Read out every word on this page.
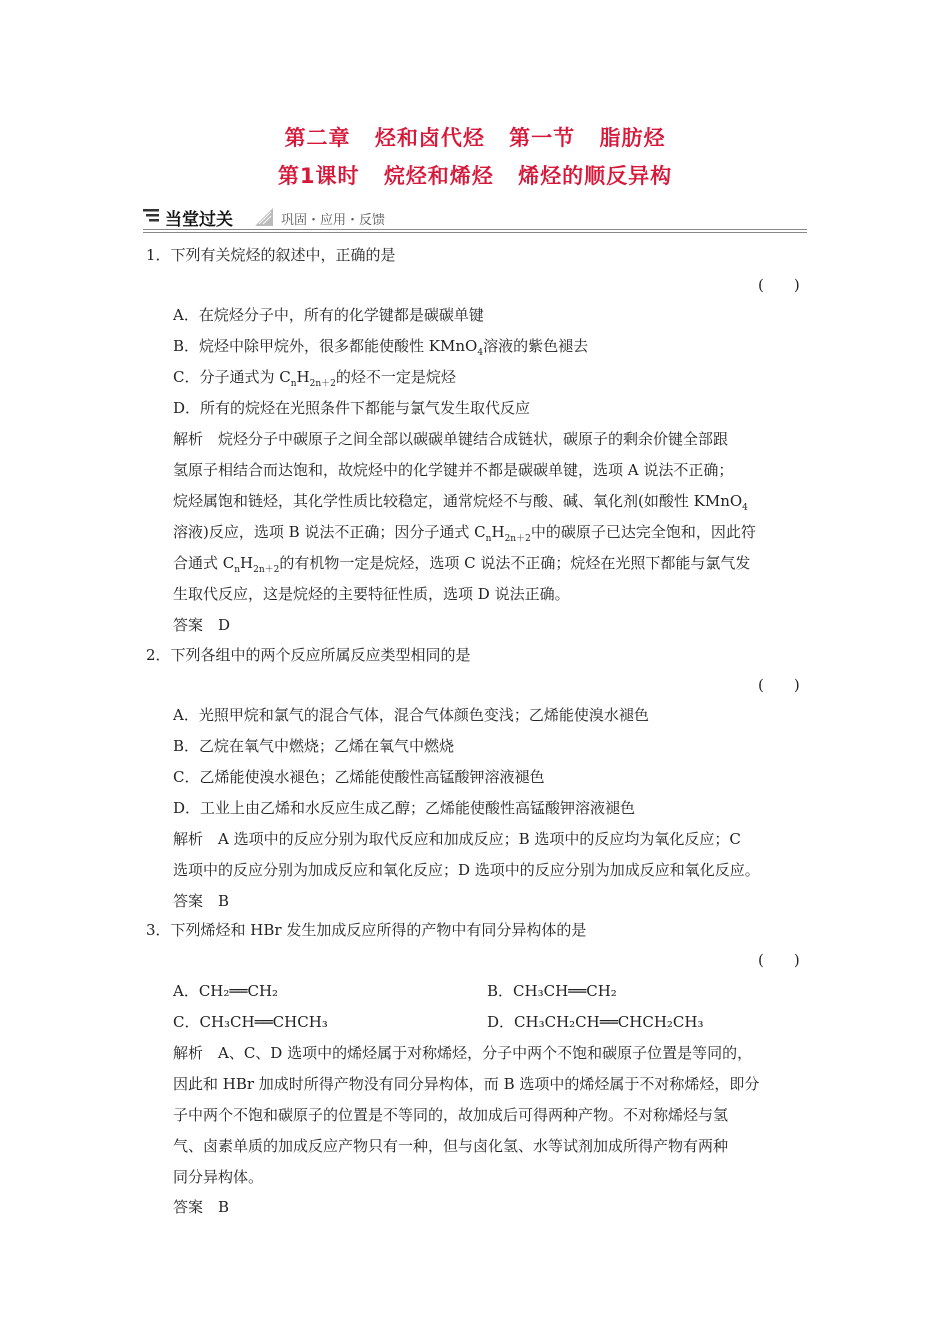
第二章 烃和卤代烃 第一节 脂肪烃
第1课时 烷烃和烯烃 烯烃的顺反异构
当堂过关	巩固・应用・反馈
1．下列有关烷烃的叙述中，正确的是
(　　)
A．在烷烃分子中，所有的化学键都是碳碳单键
B．烷烃中除甲烷外，很多都能使酸性 KMnO$_4$溶液的紫色褪去
C．分子通式为 $C_nH_{2n+2}$的烃不一定是烷烃
D．所有的烷烃在光照条件下都能与氯气发生取代反应
解析　烷烃分子中碳原子之间全部以碳碳单键结合成链状，碳原子的剩余价键全部跟
氢原子相结合而达饱和，故烷烃中的化学键并不都是碳碳单键，选项 A 说法不正确；
烷烃属饱和链烃，其化学性质比较稳定，通常烷烃不与酸、碱、氧化剂(如酸性 KMnO$_4$
溶液)反应，选项 B 说法不正确；因分子通式 $C_nH_{2n+2}$中的碳原子已达完全饱和，因此符
合通式 $C_nH_{2n+2}$的有机物一定是烷烃，选项 C 说法不正确；烷烃在光照下都能与氯气发
生取代反应，这是烷烃的主要特征性质，选项 D 说法正确。
答案　D
2．下列各组中的两个反应所属反应类型相同的是
(　　)
A．光照甲烷和氯气的混合气体，混合气体颜色变浅；乙烯能使溴水褪色
B．乙烷在氧气中燃烧；乙烯在氧气中燃烧
C．乙烯能使溴水褪色；乙烯能使酸性高锰酸钾溶液褪色
D．工业上由乙烯和水反应生成乙醇；乙烯能使酸性高锰酸钾溶液褪色
解析　A 选项中的反应分别为取代反应和加成反应；B 选项中的反应均为氧化反应；C
选项中的反应分别为加成反应和氧化反应；D 选项中的反应分别为加成反应和氧化反应。
答案　B
3．下列烯烃和 HBr 发生加成反应所得的产物中有同分异构体的是
(　　)
A．CH₂══CH₂	B．CH₃CH══CH₂
C．CH₃CH══CHCH₃	D．CH₃CH₂CH══CHCH₂CH₃
解析　A、C、D 选项中的烯烃属于对称烯烃，分子中两个不饱和碳原子位置是等同的，
因此和 HBr 加成时所得产物没有同分异构体，而 B 选项中的烯烃属于不对称烯烃，即分
子中两个不饱和碳原子的位置是不等同的，故加成后可得两种产物。不对称烯烃与氢
气、卤素单质的加成反应产物只有一种，但与卤化氢、水等试剂加成所得产物有两种
同分异构体。
答案　B
